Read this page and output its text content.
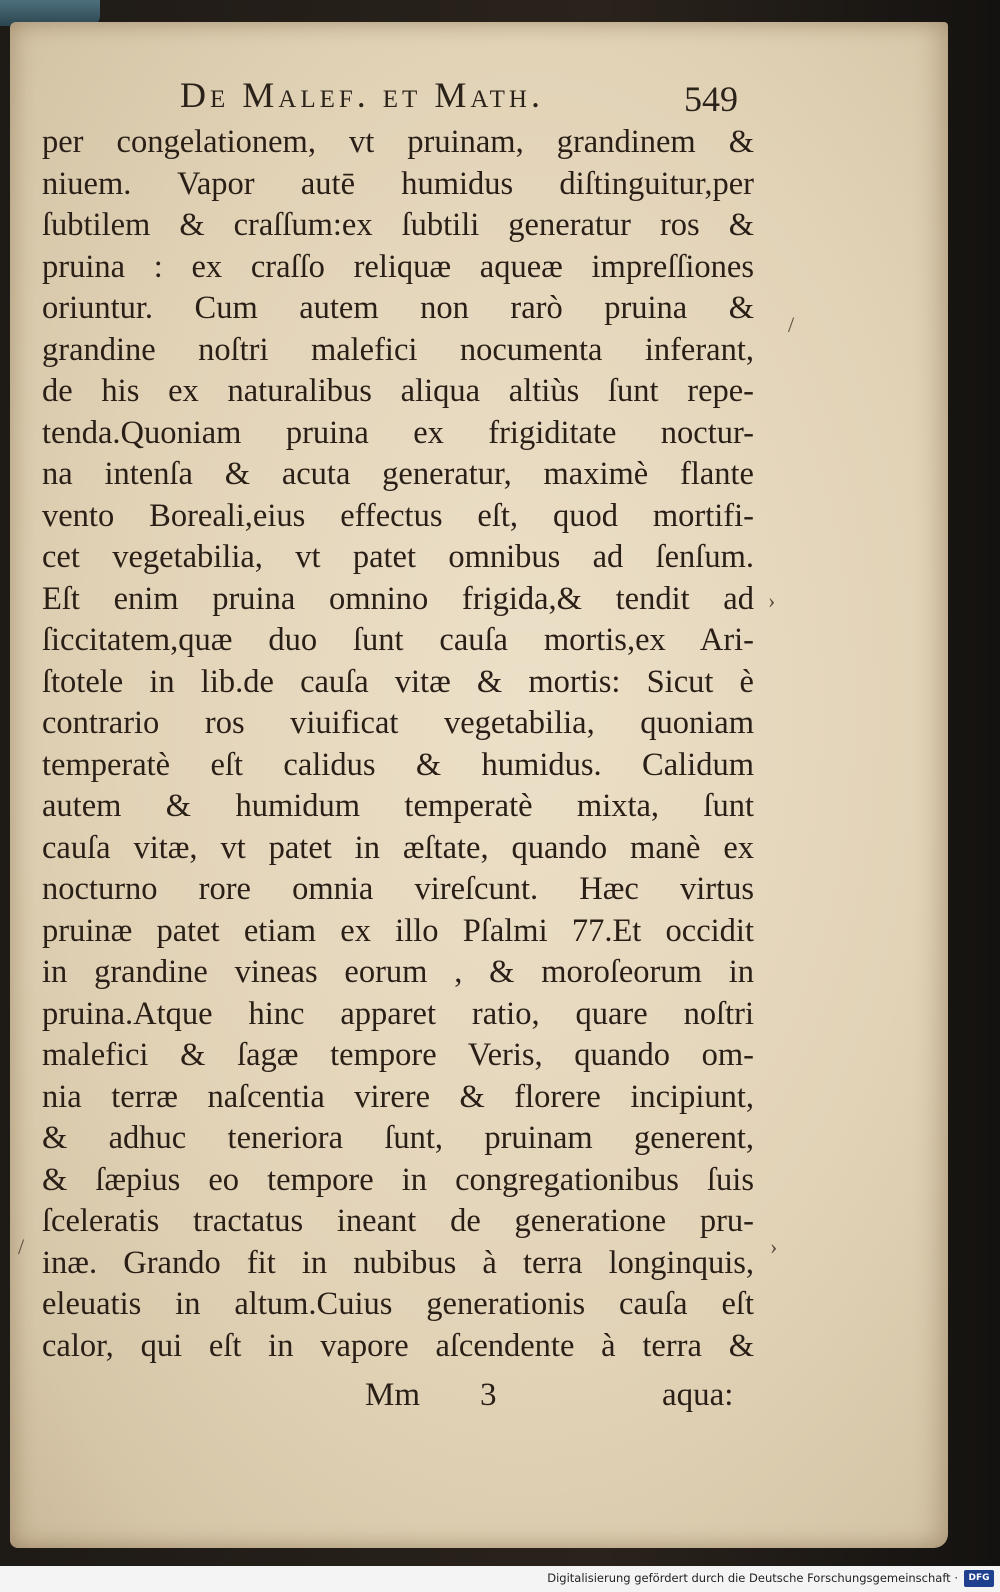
De Malef. et Math.	549
per congelationem, vt pruinam, grandinem &
niuem. Vapor autē humidus diſtinguitur,per
ſubtilem & craſſum:ex ſubtili generatur ros &
pruina : ex craſſo reliquæ aqueæ impreſſiones
oriuntur. Cum autem non rarò pruina &
grandine noſtri malefici nocumenta inferant,
de his ex naturalibus aliqua altiùs ſunt repe-
tenda.Quoniam pruina ex frigiditate noctur-
na intenſa & acuta generatur, maximè flante
vento Boreali,eius effectus eſt, quod mortifi-
cet vegetabilia, vt patet omnibus ad ſenſum.
Eſt enim pruina omnino frigida,& tendit ad
ſiccitatem,quæ duo ſunt cauſa mortis,ex Ari-
ſtotele in lib.de cauſa vitæ & mortis: Sicut è
contrario ros viuificat vegetabilia, quoniam
temperatè eſt calidus & humidus. Calidum
autem & humidum temperatè mixta, ſunt
cauſa vitæ, vt patet in æſtate, quando manè ex
nocturno rore omnia vireſcunt. Hæc virtus
pruinæ patet etiam ex illo Pſalmi 77.Et occidit
in grandine vineas eorum , & moroſeorum in
pruina.Atque hinc apparet ratio, quare noſtri
malefici & ſagæ tempore Veris, quando om-
nia terræ naſcentia virere & florere incipiunt,
& adhuc teneriora ſunt, pruinam generent,
& ſæpius eo tempore in congregationibus ſuis
ſceleratis tractatus ineant de generatione pru-
inæ. Grando fit in nubibus à terra longinquis,
eleuatis in altum.Cuius generationis cauſa eſt
calor, qui eſt in vapore aſcendente à terra &
Mm 3	aqua:
/
›
/	›
Digitalisierung gefördert durch die Deutsche Forschungsgemeinschaft ·	DFG
